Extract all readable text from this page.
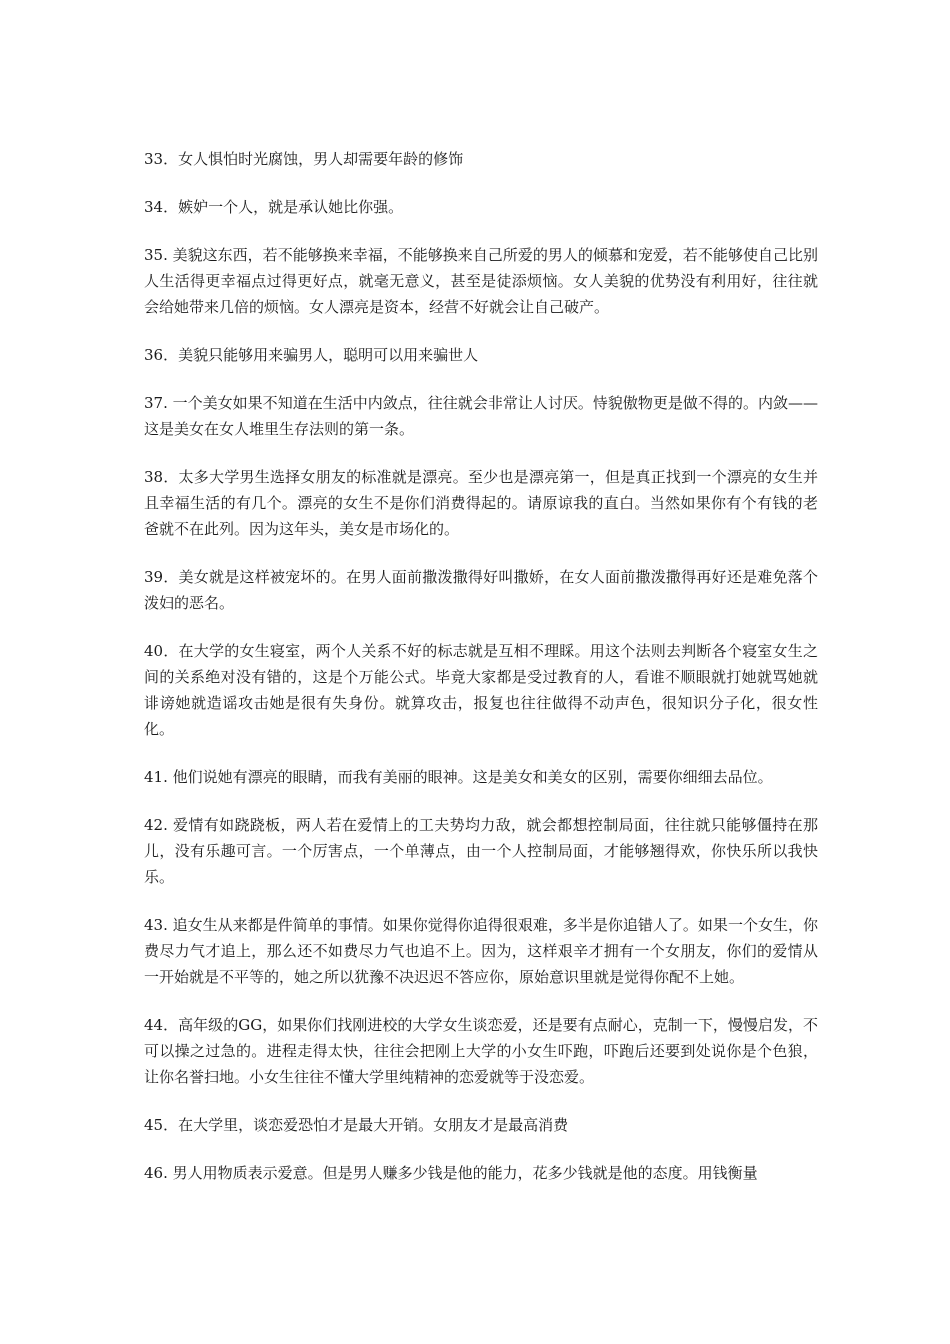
33．女人惧怕时光腐蚀，男人却需要年龄的修饰

34．嫉妒一个人，就是承认她比你强。

35. 美貌这东西，若不能够换来幸福，不能够换来自己所爱的男人的倾慕和宠爱，若不能够使自己比别人生活得更幸福点过得更好点，就毫无意义，甚至是徒添烦恼。女人美貌的优势没有利用好，往往就会给她带来几倍的烦恼。女人漂亮是资本，经营不好就会让自己破产。

36．美貌只能够用来骗男人，聪明可以用来骗世人

37. 一个美女如果不知道在生活中内敛点，往往就会非常让人讨厌。恃貌傲物更是做不得的。内敛——这是美女在女人堆里生存法则的第一条。

38．太多大学男生选择女朋友的标准就是漂亮。至少也是漂亮第一，但是真正找到一个漂亮的女生并且幸福生活的有几个。漂亮的女生不是你们消费得起的。请原谅我的直白。当然如果你有个有钱的老爸就不在此列。因为这年头，美女是市场化的。

39．美女就是这样被宠坏的。在男人面前撒泼撒得好叫撒娇，在女人面前撒泼撒得再好还是难免落个泼妇的恶名。

40．在大学的女生寝室，两个人关系不好的标志就是互相不理睬。用这个法则去判断各个寝室女生之间的关系绝对没有错的，这是个万能公式。毕竟大家都是受过教育的人，看谁不顺眼就打她就骂她就诽谤她就造谣攻击她是很有失身份。就算攻击，报复也往往做得不动声色，很知识分子化，很女性化。

41. 他们说她有漂亮的眼睛，而我有美丽的眼神。这是美女和美女的区别，需要你细细去品位。

42. 爱情有如跷跷板，两人若在爱情上的工夫势均力敌，就会都想控制局面，往往就只能够僵持在那儿，没有乐趣可言。一个厉害点，一个单薄点，由一个人控制局面，才能够翘得欢，你快乐所以我快乐。

43. 追女生从来都是件简单的事情。如果你觉得你追得很艰难，多半是你追错人了。如果一个女生，你费尽力气才追上，那么还不如费尽力气也追不上。因为，这样艰辛才拥有一个女朋友，你们的爱情从一开始就是不平等的，她之所以犹豫不决迟迟不答应你，原始意识里就是觉得你配不上她。

44．高年级的GG，如果你们找刚进校的大学女生谈恋爱，还是要有点耐心，克制一下，慢慢启发，不可以操之过急的。进程走得太快，往往会把刚上大学的小女生吓跑，吓跑后还要到处说你是个色狼，让你名誉扫地。小女生往往不懂大学里纯精神的恋爱就等于没恋爱。

45．在大学里，谈恋爱恐怕才是最大开销。女朋友才是最高消费

46. 男人用物质表示爱意。但是男人赚多少钱是他的能力，花多少钱就是他的态度。用钱衡量
